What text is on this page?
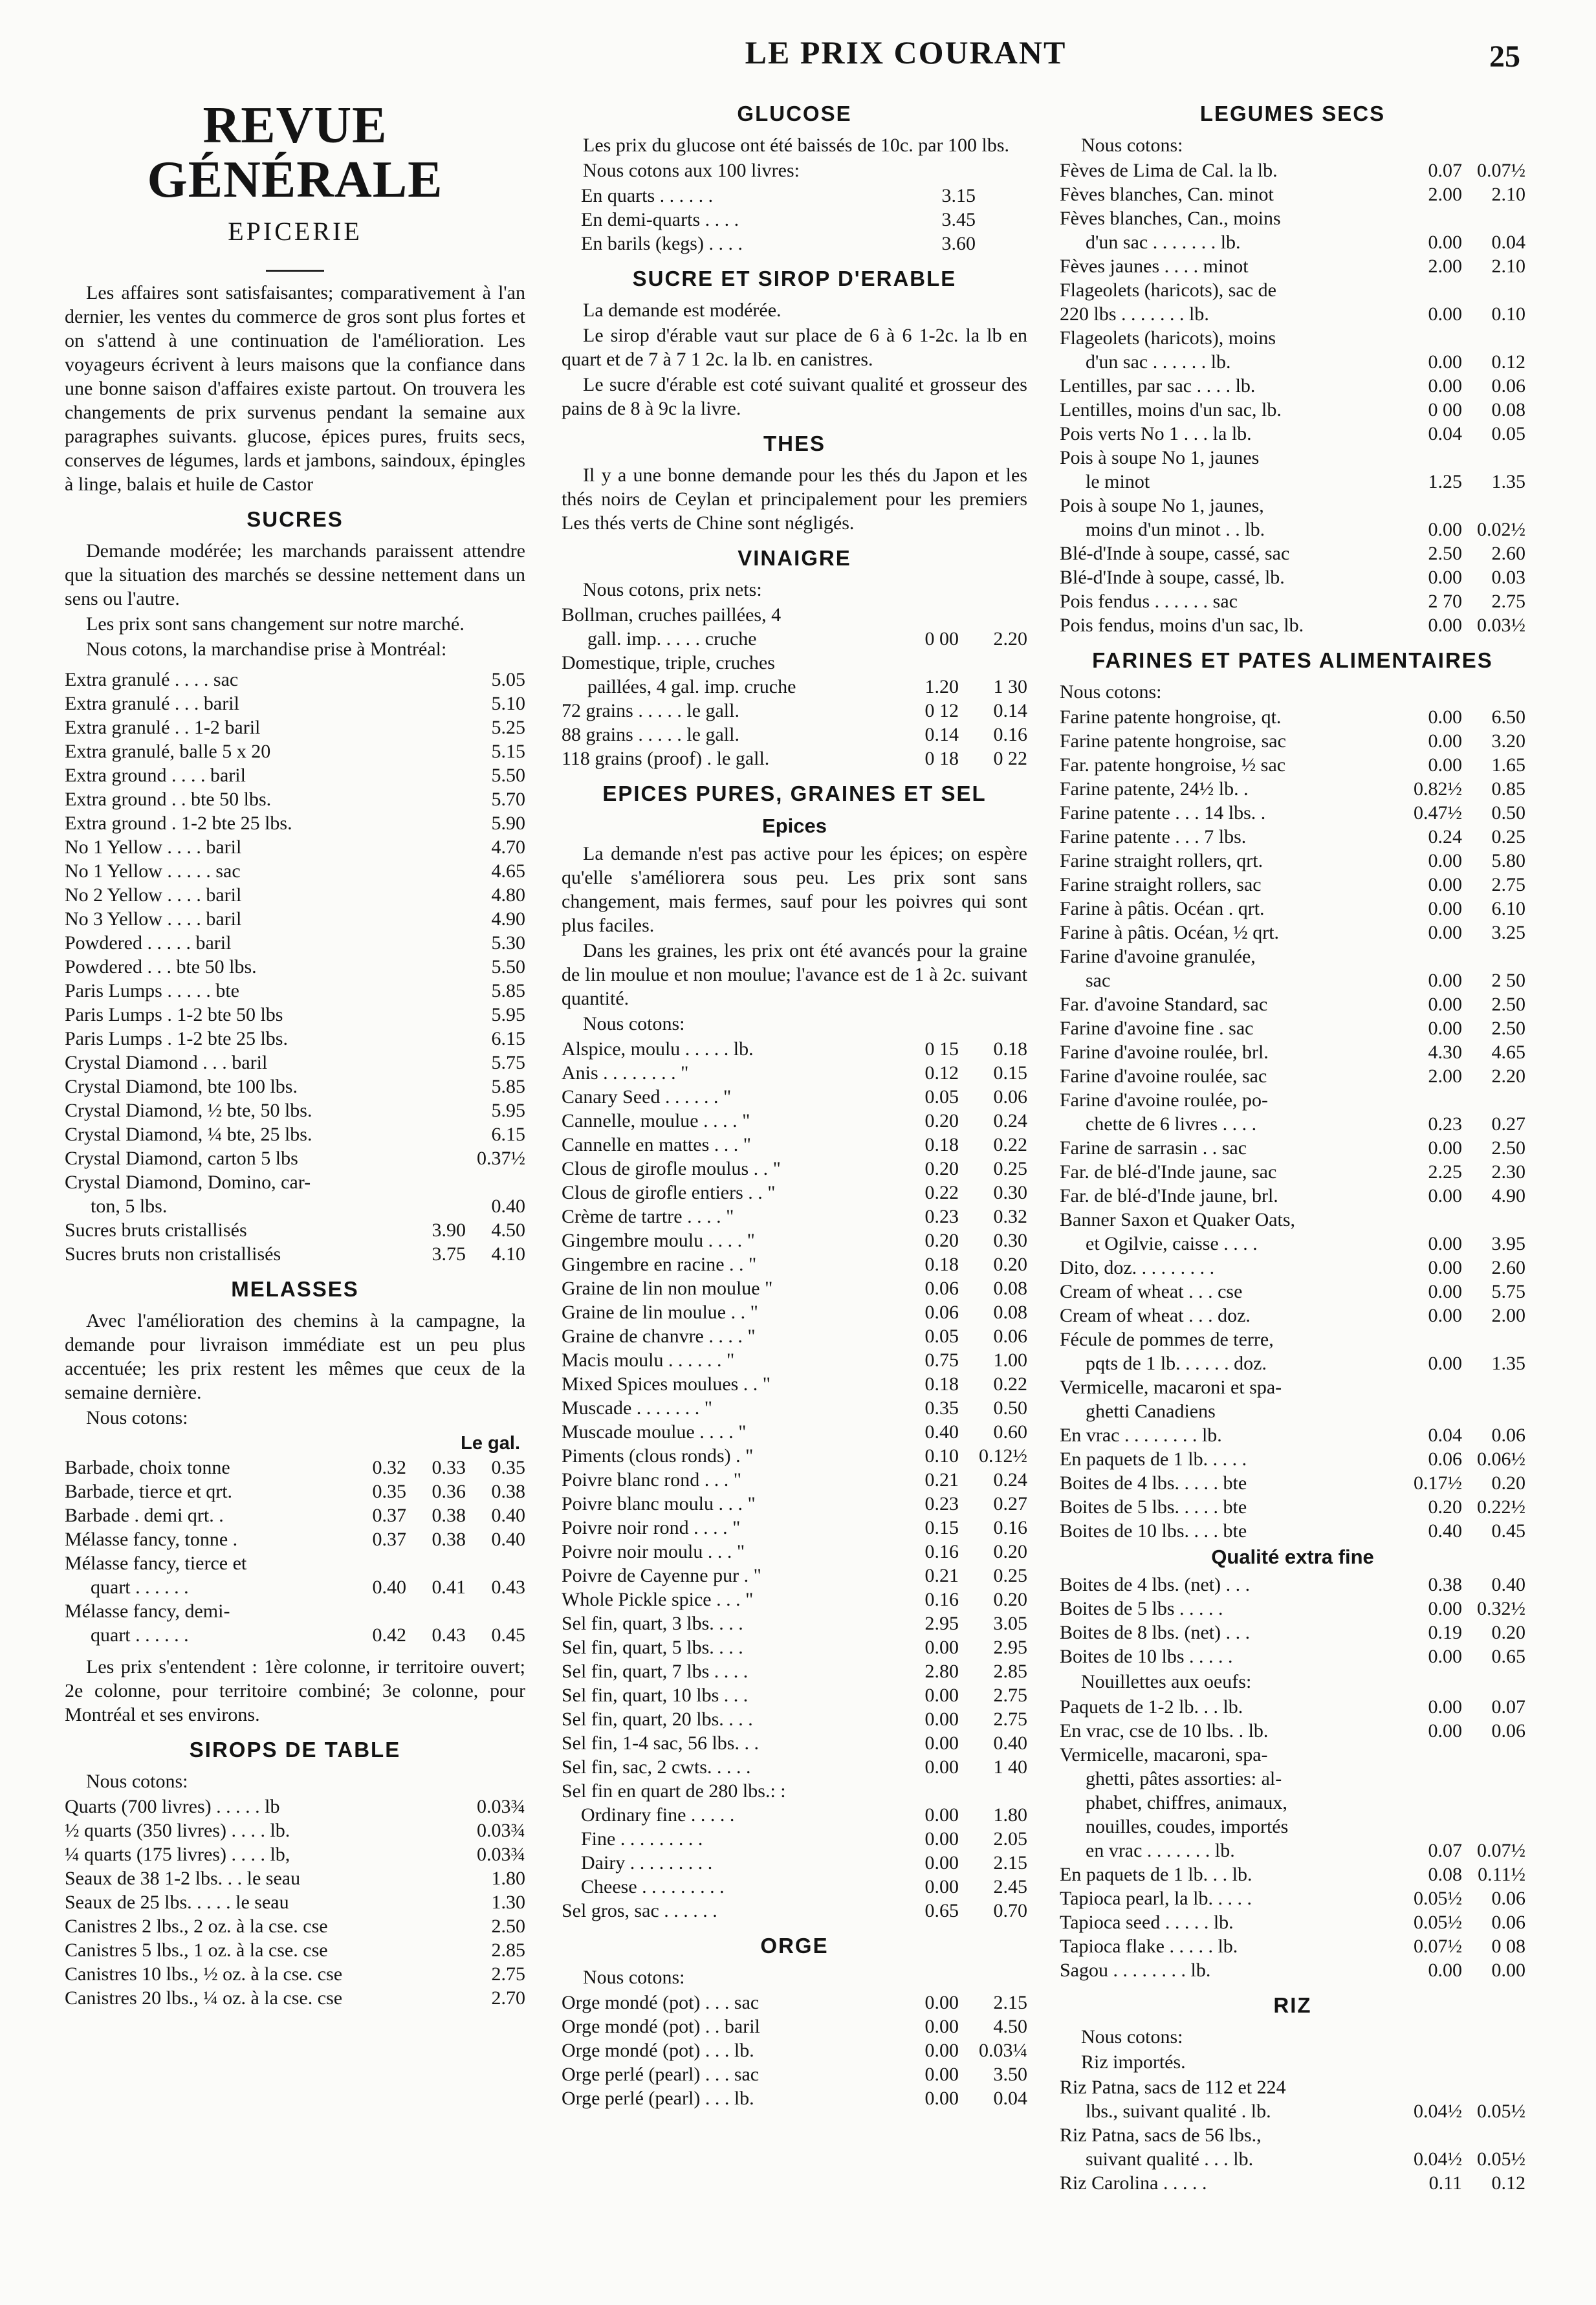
LE PRIX COURANT	25
REVUE GÉNÉRALE
EPICERIE
Les affaires sont satisfaisantes; comparativement à l'an dernier, les ventes du commerce de gros sont plus fortes et on s'attend à une continuation de l'amélioration. Les voyageurs écrivent à leurs maisons que la confiance dans une bonne saison d'affaires existe partout. On trouvera les changements de prix survenus pendant la semaine aux paragraphes suivants. glucose, épices pures, fruits secs, conserves de légumes, lards et jambons, saindoux, épingles à linge, balais et huile de Castor
SUCRES
Demande modérée; les marchands paraissent attendre que la situation des marchés se dessine nettement dans un sens ou l'autre.
Les prix sont sans changement sur notre marché.
Nous cotons, la marchandise prise à Montréal:
Extra granulé . . . . sac	5.05
Extra granulé . . . baril	5.10
Extra granulé . . 1-2 baril	5.25
Extra granulé, balle 5 x 20	5.15
Extra ground . . . . baril	5.50
Extra ground . . bte 50 lbs.	5.70
Extra ground . 1-2 bte 25 lbs.	5.90
No 1 Yellow . . . . baril	4.70
No 1 Yellow . . . . . sac	4.65
No 2 Yellow . . . . baril	4.80
No 3 Yellow . . . . baril	4.90
Powdered . . . . . baril	5.30
Powdered . . . bte 50 lbs.	5.50
Paris Lumps . . . . . bte	5.85
Paris Lumps . 1-2 bte 50 lbs	5.95
Paris Lumps . 1-2 bte 25 lbs.	6.15
Crystal Diamond . . . baril	5.75
Crystal Diamond, bte 100 lbs.	5.85
Crystal Diamond, ½ bte, 50 lbs.	5.95
Crystal Diamond, ¼ bte, 25 lbs.	6.15
Crystal Diamond, carton 5 lbs	0.37½
Crystal Diamond, Domino, car-
ton, 5 lbs.	0.40
Sucres bruts cristallisés	3.90	4.50
Sucres bruts non cristallisés	3.75	4.10
MELASSES
Avec l'amélioration des chemins à la campagne, la demande pour livraison immédiate est un peu plus accentuée; les prix restent les mêmes que ceux de la semaine dernière.
Nous cotons:
Le gal.
Barbade, choix tonne	0.32	0.33	0.35
Barbade, tierce et qrt.	0.35	0.36	0.38
Barbade . demi qrt. .	0.37	0.38	0.40
Mélasse fancy, tonne .	0.37	0.38	0.40
Mélasse fancy, tierce et
quart . . . . . .	0.40	0.41	0.43
Mélasse fancy, demi-
quart . . . . . .	0.42	0.43	0.45
Les prix s'entendent : 1ère colonne, ir territoire ouvert; 2e colonne, pour territoire combiné; 3e colonne, pour Montréal et ses environs.
SIROPS DE TABLE
Nous cotons:
Quarts (700 livres) . . . . . lb	0.03¾
½ quarts (350 livres) . . . . lb.	0.03¾
¼ quarts (175 livres) . . . . lb,	0.03¾
Seaux de 38 1-2 lbs. . . le seau	1.80
Seaux de 25 lbs. . . . . le seau	1.30
Canistres 2 lbs., 2 oz. à la cse. cse	2.50
Canistres 5 lbs., 1 oz. à la cse. cse	2.85
Canistres 10 lbs., ½ oz. à la cse. cse	2.75
Canistres 20 lbs., ¼ oz. à la cse. cse	2.70
GLUCOSE
Les prix du glucose ont été baissés de 10c. par 100 lbs.
Nous cotons aux 100 livres:
En quarts . . . . . .	3.15
En demi-quarts . . . .	3.45
En barils (kegs) . . . .	3.60
SUCRE ET SIROP D'ERABLE
La demande est modérée.
Le sirop d'érable vaut sur place de 6 à 6 1-2c. la lb en quart et de 7 à 7 1 2c. la lb. en canistres.
Le sucre d'érable est coté suivant qualité et grosseur des pains de 8 à 9c la livre.
THES
Il y a une bonne demande pour les thés du Japon et les thés noirs de Ceylan et principalement pour les premiers Les thés verts de Chine sont négligés.
VINAIGRE
Nous cotons, prix nets:
Bollman, cruches paillées, 4
gall. imp. . . . . cruche	0 00	2.20
Domestique, triple, cruches
paillées, 4 gal. imp. cruche	1.20	1 30
72 grains . . . . . le gall.	0 12	0.14
88 grains . . . . . le gall.	0.14	0.16
118 grains (proof) . le gall.	0 18	0 22
EPICES PURES, GRAINES ET SEL
Epices
La demande n'est pas active pour les épices; on espère qu'elle s'améliorera sous peu. Les prix sont sans changement, mais fermes, sauf pour les poivres qui sont plus faciles.
Dans les graines, les prix ont été avancés pour la graine de lin moulue et non moulue; l'avance est de 1 à 2c. suivant quantité.
Nous cotons:
Alspice, moulu . . . . . lb.	0 15	0.18
Anis . . . . . . . . "	0.12	0.15
Canary Seed . . . . . . "	0.05	0.06
Cannelle, moulue . . . . "	0.20	0.24
Cannelle en mattes . . . "	0.18	0.22
Clous de girofle moulus . . "	0.20	0.25
Clous de girofle entiers . . "	0.22	0.30
Crème de tartre . . . . "	0.23	0.32
Gingembre moulu . . . . "	0.20	0.30
Gingembre en racine . . "	0.18	0.20
Graine de lin non moulue "	0.06	0.08
Graine de lin moulue . . "	0.06	0.08
Graine de chanvre . . . . "	0.05	0.06
Macis moulu . . . . . . "	0.75	1.00
Mixed Spices moulues . . "	0.18	0.22
Muscade . . . . . . . "	0.35	0.50
Muscade moulue . . . . "	0.40	0.60
Piments (clous ronds) . "	0.10	0.12½
Poivre blanc rond . . . "	0.21	0.24
Poivre blanc moulu . . . "	0.23	0.27
Poivre noir rond . . . . "	0.15	0.16
Poivre noir moulu . . . "	0.16	0.20
Poivre de Cayenne pur . "	0.21	0.25
Whole Pickle spice . . . "	0.16	0.20
Sel fin, quart, 3 lbs. . . .	2.95	3.05
Sel fin, quart, 5 lbs. . . .	0.00	2.95
Sel fin, quart, 7 lbs . . . .	2.80	2.85
Sel fin, quart, 10 lbs . . .	0.00	2.75
Sel fin, quart, 20 lbs. . . .	0.00	2.75
Sel fin, 1-4 sac, 56 lbs. . .	0.00	0.40
Sel fin, sac, 2 cwts. . . . .	0.00	1 40
Sel fin en quart de 280 lbs.: :
Ordinary fine . . . . .	0.00	1.80
Fine . . . . . . . . .	0.00	2.05
Dairy . . . . . . . . .	0.00	2.15
Cheese . . . . . . . . .	0.00	2.45
Sel gros, sac . . . . . .	0.65	0.70
ORGE
Nous cotons:
Orge mondé (pot) . . . sac	0.00	2.15
Orge mondé (pot) . . baril	0.00	4.50
Orge mondé (pot) . . . lb.	0.00	0.03¼
Orge perlé (pearl) . . . sac	0.00	3.50
Orge perlé (pearl) . . . lb.	0.00	0.04
LEGUMES SECS
Nous cotons:
Fèves de Lima de Cal. la lb.	0.07 0.07½
Fèves blanches, Can. minot	2.00	2.10
Fèves blanches, Can., moins
d'un sac . . . . . . . lb.	0.00	0.04
Fèves jaunes . . . . minot	2.00	2.10
Flageolets (haricots), sac de
220 lbs . . . . . . . lb.	0.00	0.10
Flageolets (haricots), moins
d'un sac . . . . . . lb.	0.00	0.12
Lentilles, par sac . . . . lb.	0.00	0.06
Lentilles, moins d'un sac, lb.	0 00	0.08
Pois verts No 1 . . . la lb.	0.04	0.05
Pois à soupe No 1, jaunes
le minot	1.25	1.35
Pois à soupe No 1, jaunes,
moins d'un minot . . lb.	0.00 0.02½
Blé-d'Inde à soupe, cassé, sac	2.50	2.60
Blé-d'Inde à soupe, cassé, lb.	0.00	0.03
Pois fendus . . . . . . sac	2 70	2.75
Pois fendus, moins d'un sac, lb.	0.00 0.03½
FARINES ET PATES ALIMENTAIRES
Nous cotons:
Farine patente hongroise, qt.	0.00	6.50
Farine patente hongroise, sac	0.00	3.20
Far. patente hongroise, ½ sac	0.00	1.65
Farine patente, 24½ lb. .	0.82½	0.85
Farine patente . . . 14 lbs. .	0.47½	0.50
Farine patente . . . 7 lbs.	0.24	0.25
Farine straight rollers, qrt.	0.00	5.80
Farine straight rollers, sac	0.00	2.75
Farine à pâtis. Océan . qrt.	0.00	6.10
Farine à pâtis. Océan, ½ qrt.	0.00	3.25
Farine d'avoine granulée,
sac	0.00	2 50
Far. d'avoine Standard, sac	0.00	2.50
Farine d'avoine fine . sac	0.00	2.50
Farine d'avoine roulée, brl.	4.30	4.65
Farine d'avoine roulée, sac	2.00	2.20
Farine d'avoine roulée, po-
chette de 6 livres . . . .	0.23	0.27
Farine de sarrasin . . sac	0.00	2.50
Far. de blé-d'Inde jaune, sac	2.25	2.30
Far. de blé-d'Inde jaune, brl.	0.00	4.90
Banner Saxon et Quaker Oats,
et Ogilvie, caisse . . . .	0.00	3.95
Dito, doz. . . . . . . . .	0.00	2.60
Cream of wheat . . . cse	0.00	5.75
Cream of wheat . . . doz.	0.00	2.00
Fécule de pommes de terre,
pqts de 1 lb. . . . . . doz.	0.00	1.35
Vermicelle, macaroni et spa-
ghetti Canadiens
En vrac . . . . . . . . lb.	0.04	0.06
En paquets de 1 lb. . . . .	0.06 0.06½
Boites de 4 lbs. . . . . bte	0.17½	0.20
Boites de 5 lbs. . . . . bte	0.20 0.22½
Boites de 10 lbs. . . . bte	0.40	0.45
Qualité extra fine
Boites de 4 lbs. (net) . . .	0.38	0.40
Boites de 5 lbs . . . . .	0.00 0.32½
Boites de 8 lbs. (net) . . .	0.19	0.20
Boites de 10 lbs . . . . .	0.00	0.65
Nouillettes aux oeufs:
Paquets de 1-2 lb. . . lb.	0.00	0.07
En vrac, cse de 10 lbs. . lb.	0.00	0.06
Vermicelle, macaroni, spa-
ghetti, pâtes assorties: al-
phabet, chiffres, animaux,
nouilles, coudes, importés
en vrac . . . . . . . lb.	0.07 0.07½
En paquets de 1 lb. . . lb.	0.08 0.11½
Tapioca pearl, la lb. . . . .	0.05½	0.06
Tapioca seed . . . . . lb.	0.05½	0.06
Tapioca flake . . . . . lb.	0.07½	0 08
Sagou . . . . . . . . lb.	0.00	0.00
RIZ
Nous cotons:
Riz importés.
Riz Patna, sacs de 112 et 224
lbs., suivant qualité . lb.	0.04½ 0.05½
Riz Patna, sacs de 56 lbs.,
suivant qualité . . . lb.	0.04½ 0.05½
Riz Carolina . . . . .	0.11	0.12
